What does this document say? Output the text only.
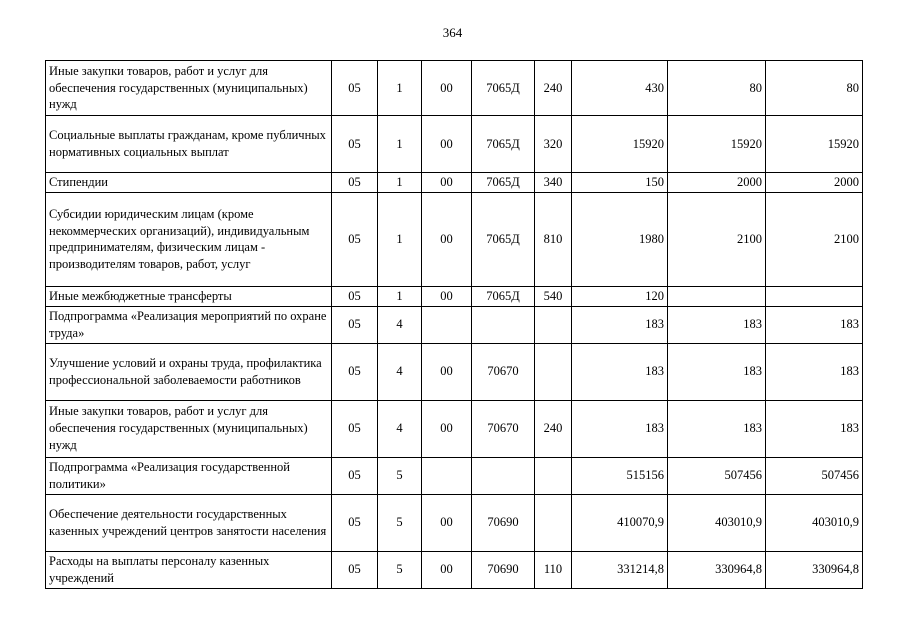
364
Иные закупки товаров, работ и услуг для обеспечения государственных (муниципальных) нужд	05	1	00	7065Д	240	430	80	80
Социальные выплаты гражданам, кроме публичных нормативных социальных выплат	05	1	00	7065Д	320	15920	15920	15920
Стипендии	05	1	00	7065Д	340	150	2000	2000
Субсидии юридическим лицам (кроме некоммерческих организаций), индивидуальным предпринимателям, физическим лицам - производителям товаров, работ, услуг	05	1	00	7065Д	810	1980	2100	2100
Иные межбюджетные трансферты	05	1	00	7065Д	540	120		
Подпрограмма «Реализация мероприятий по охране труда»	05	4				183	183	183
Улучшение условий и охраны труда, профилактика профессиональной заболеваемости работников	05	4	00	70670		183	183	183
Иные закупки товаров, работ и услуг для обеспечения государственных (муниципальных) нужд	05	4	00	70670	240	183	183	183
Подпрограмма «Реализация государственной политики»	05	5				515156	507456	507456
Обеспечение деятельности государственных казенных учреждений центров занятости населения	05	5	00	70690		410070,9	403010,9	403010,9
Расходы на выплаты персоналу казенных учреждений	05	5	00	70690	110	331214,8	330964,8	330964,8
